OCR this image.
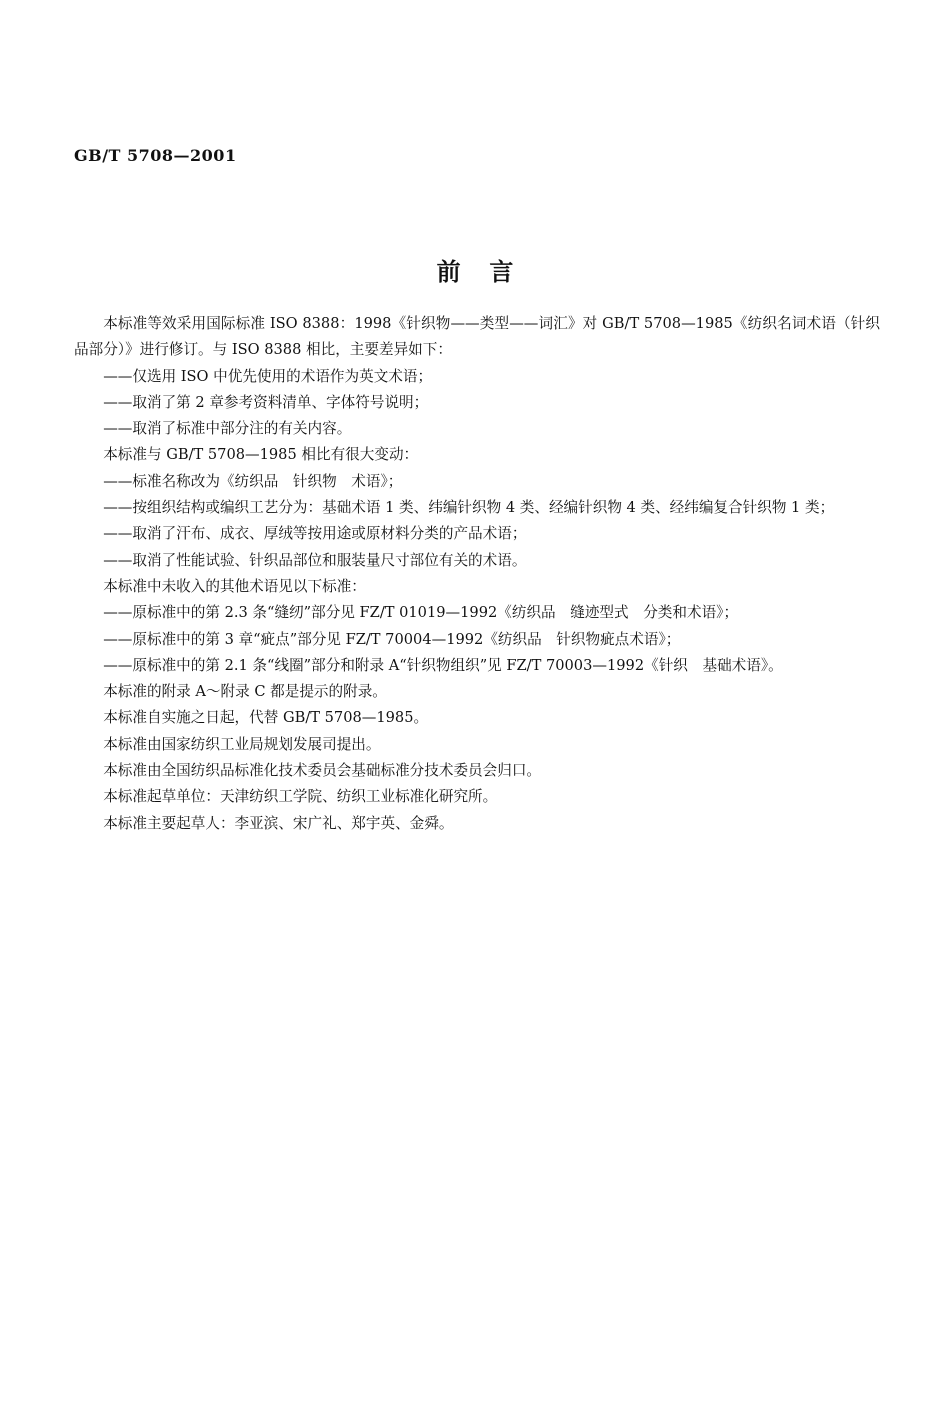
GB/T 5708—2001
前言

本标准等效采用国际标准 ISO 8388：1998《针织物——类型——词汇》对 GB/T 5708—1985《纺织名词术语（针织品部分）》进行修订。与 ISO 8388 相比，主要差异如下：

——仅选用 ISO 中优先使用的术语作为英文术语；

——取消了第 2 章参考资料清单、字体符号说明；

——取消了标准中部分注的有关内容。

本标准与 GB/T 5708—1985 相比有很大变动：

——标准名称改为《纺织品　针织物　术语》；

——按组织结构或编织工艺分为：基础术语 1 类、纬编针织物 4 类、经编针织物 4 类、经纬编复合针织物 1 类；

——取消了汗布、成衣、厚绒等按用途或原材料分类的产品术语；

——取消了性能试验、针织品部位和服装量尺寸部位有关的术语。

本标准中未收入的其他术语见以下标准：

——原标准中的第 2.3 条“缝纫”部分见 FZ/T 01019—1992《纺织品　缝迹型式　分类和术语》；

——原标准中的第 3 章“疵点”部分见 FZ/T 70004—1992《纺织品　针织物疵点术语》；

——原标准中的第 2.1 条“线圈”部分和附录 A“针织物组织”见 FZ/T 70003—1992《针织　基础术语》。

本标准的附录 A～附录 C 都是提示的附录。

本标准自实施之日起，代替 GB/T 5708—1985。

本标准由国家纺织工业局规划发展司提出。

本标准由全国纺织品标准化技术委员会基础标准分技术委员会归口。

本标准起草单位：天津纺织工学院、纺织工业标准化研究所。

本标准主要起草人：李亚滨、宋广礼、郑宇英、金舜。
